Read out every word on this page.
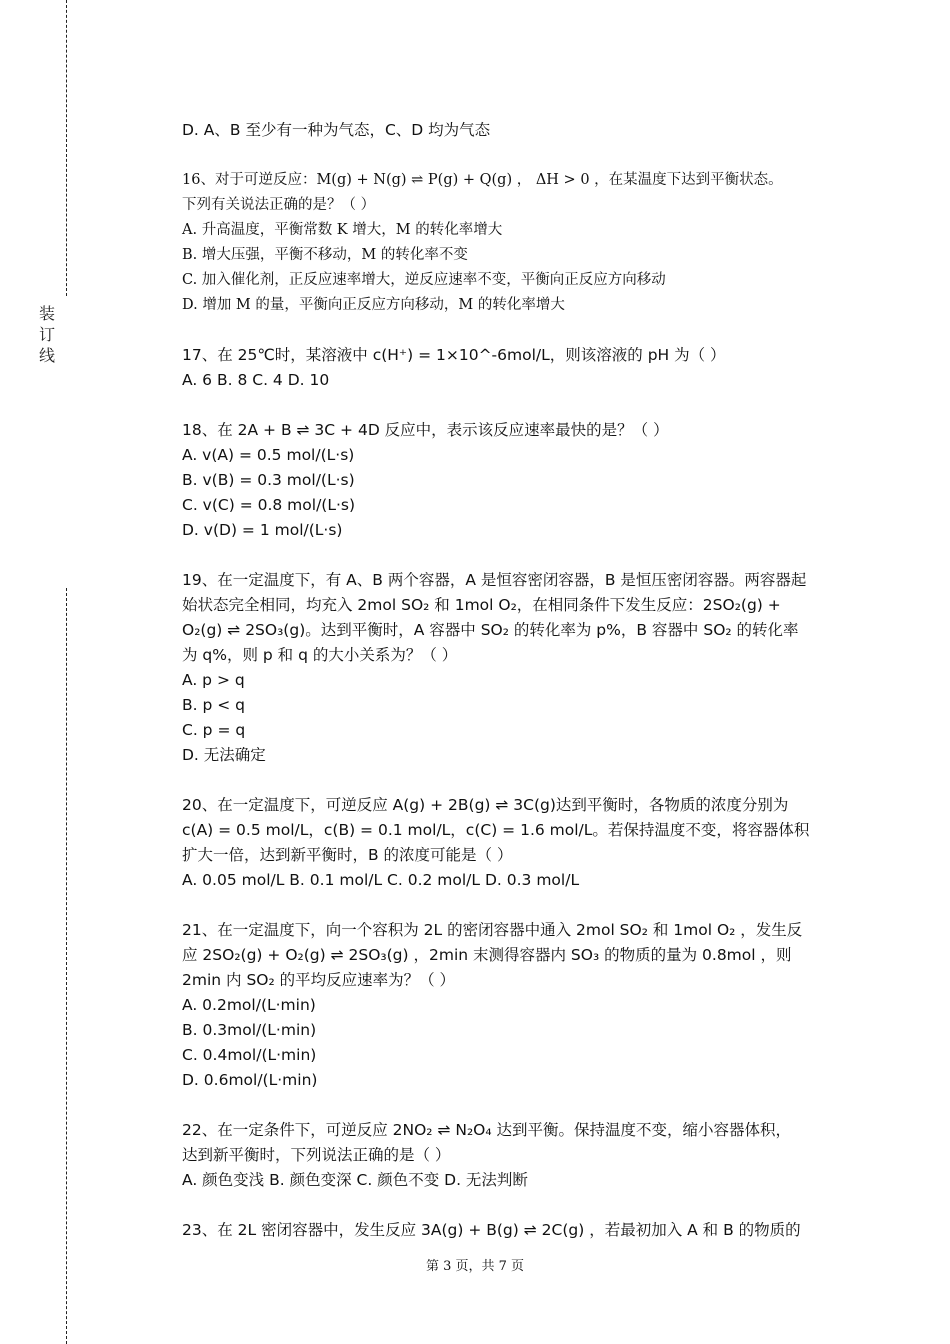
装
订
线
D. A、B 至少有一种为气态，C、D 均为气态
16、对于可逆反应：M(g) + N(g) ⇌ P(g) + Q(g) ， ΔH > 0 ，在某温度下达到平衡状态。
下列有关说法正确的是？（ ）
A. 升高温度，平衡常数 K 增大，M 的转化率增大
B. 增大压强，平衡不移动，M 的转化率不变
C. 加入催化剂，正反应速率增大，逆反应速率不变，平衡向正反应方向移动
D. 增加 M 的量，平衡向正反应方向移动，M 的转化率增大
17、在 25℃时，某溶液中 c(H⁺) = 1×10^-6mol/L，则该溶液的 pH 为（ ）
A. 6 B. 8 C. 4 D. 10
18、在 2A + B ⇌ 3C + 4D 反应中，表示该反应速率最快的是？（ ）
A. v(A) = 0.5 mol/(L·s)
B. v(B) = 0.3 mol/(L·s)
C. v(C) = 0.8 mol/(L·s)
D. v(D) = 1 mol/(L·s)
19、在一定温度下，有 A、B 两个容器，A 是恒容密闭容器，B 是恒压密闭容器。两容器起
始状态完全相同，均充入 2mol SO₂ 和 1mol O₂，在相同条件下发生反应：2SO₂(g) +
O₂(g) ⇌ 2SO₃(g)。达到平衡时，A 容器中 SO₂ 的转化率为 p%，B 容器中 SO₂ 的转化率
为 q%，则 p 和 q 的大小关系为？（ ）
A. p > q
B. p < q
C. p = q
D. 无法确定
20、在一定温度下，可逆反应 A(g) + 2B(g) ⇌ 3C(g)达到平衡时，各物质的浓度分别为
c(A) = 0.5 mol/L，c(B) = 0.1 mol/L，c(C) = 1.6 mol/L。若保持温度不变，将容器体积
扩大一倍，达到新平衡时，B 的浓度可能是（ ）
A. 0.05 mol/L B. 0.1 mol/L C. 0.2 mol/L D. 0.3 mol/L
21、在一定温度下，向一个容积为 2L 的密闭容器中通入 2mol SO₂ 和 1mol O₂ ，发生反
应 2SO₂(g) + O₂(g) ⇌ 2SO₃(g) ，2min 末测得容器内 SO₃ 的物质的量为 0.8mol ，则
2min 内 SO₂ 的平均反应速率为？（ ）
A. 0.2mol/(L·min)
B. 0.3mol/(L·min)
C. 0.4mol/(L·min)
D. 0.6mol/(L·min)
22、在一定条件下，可逆反应 2NO₂ ⇌ N₂O₄ 达到平衡。保持温度不变，缩小容器体积，
达到新平衡时，下列说法正确的是（ ）
A. 颜色变浅 B. 颜色变深 C. 颜色不变 D. 无法判断
23、在 2L 密闭容器中，发生反应 3A(g) + B(g) ⇌ 2C(g) ，若最初加入 A 和 B 的物质的
第 3 页，共 7 页
